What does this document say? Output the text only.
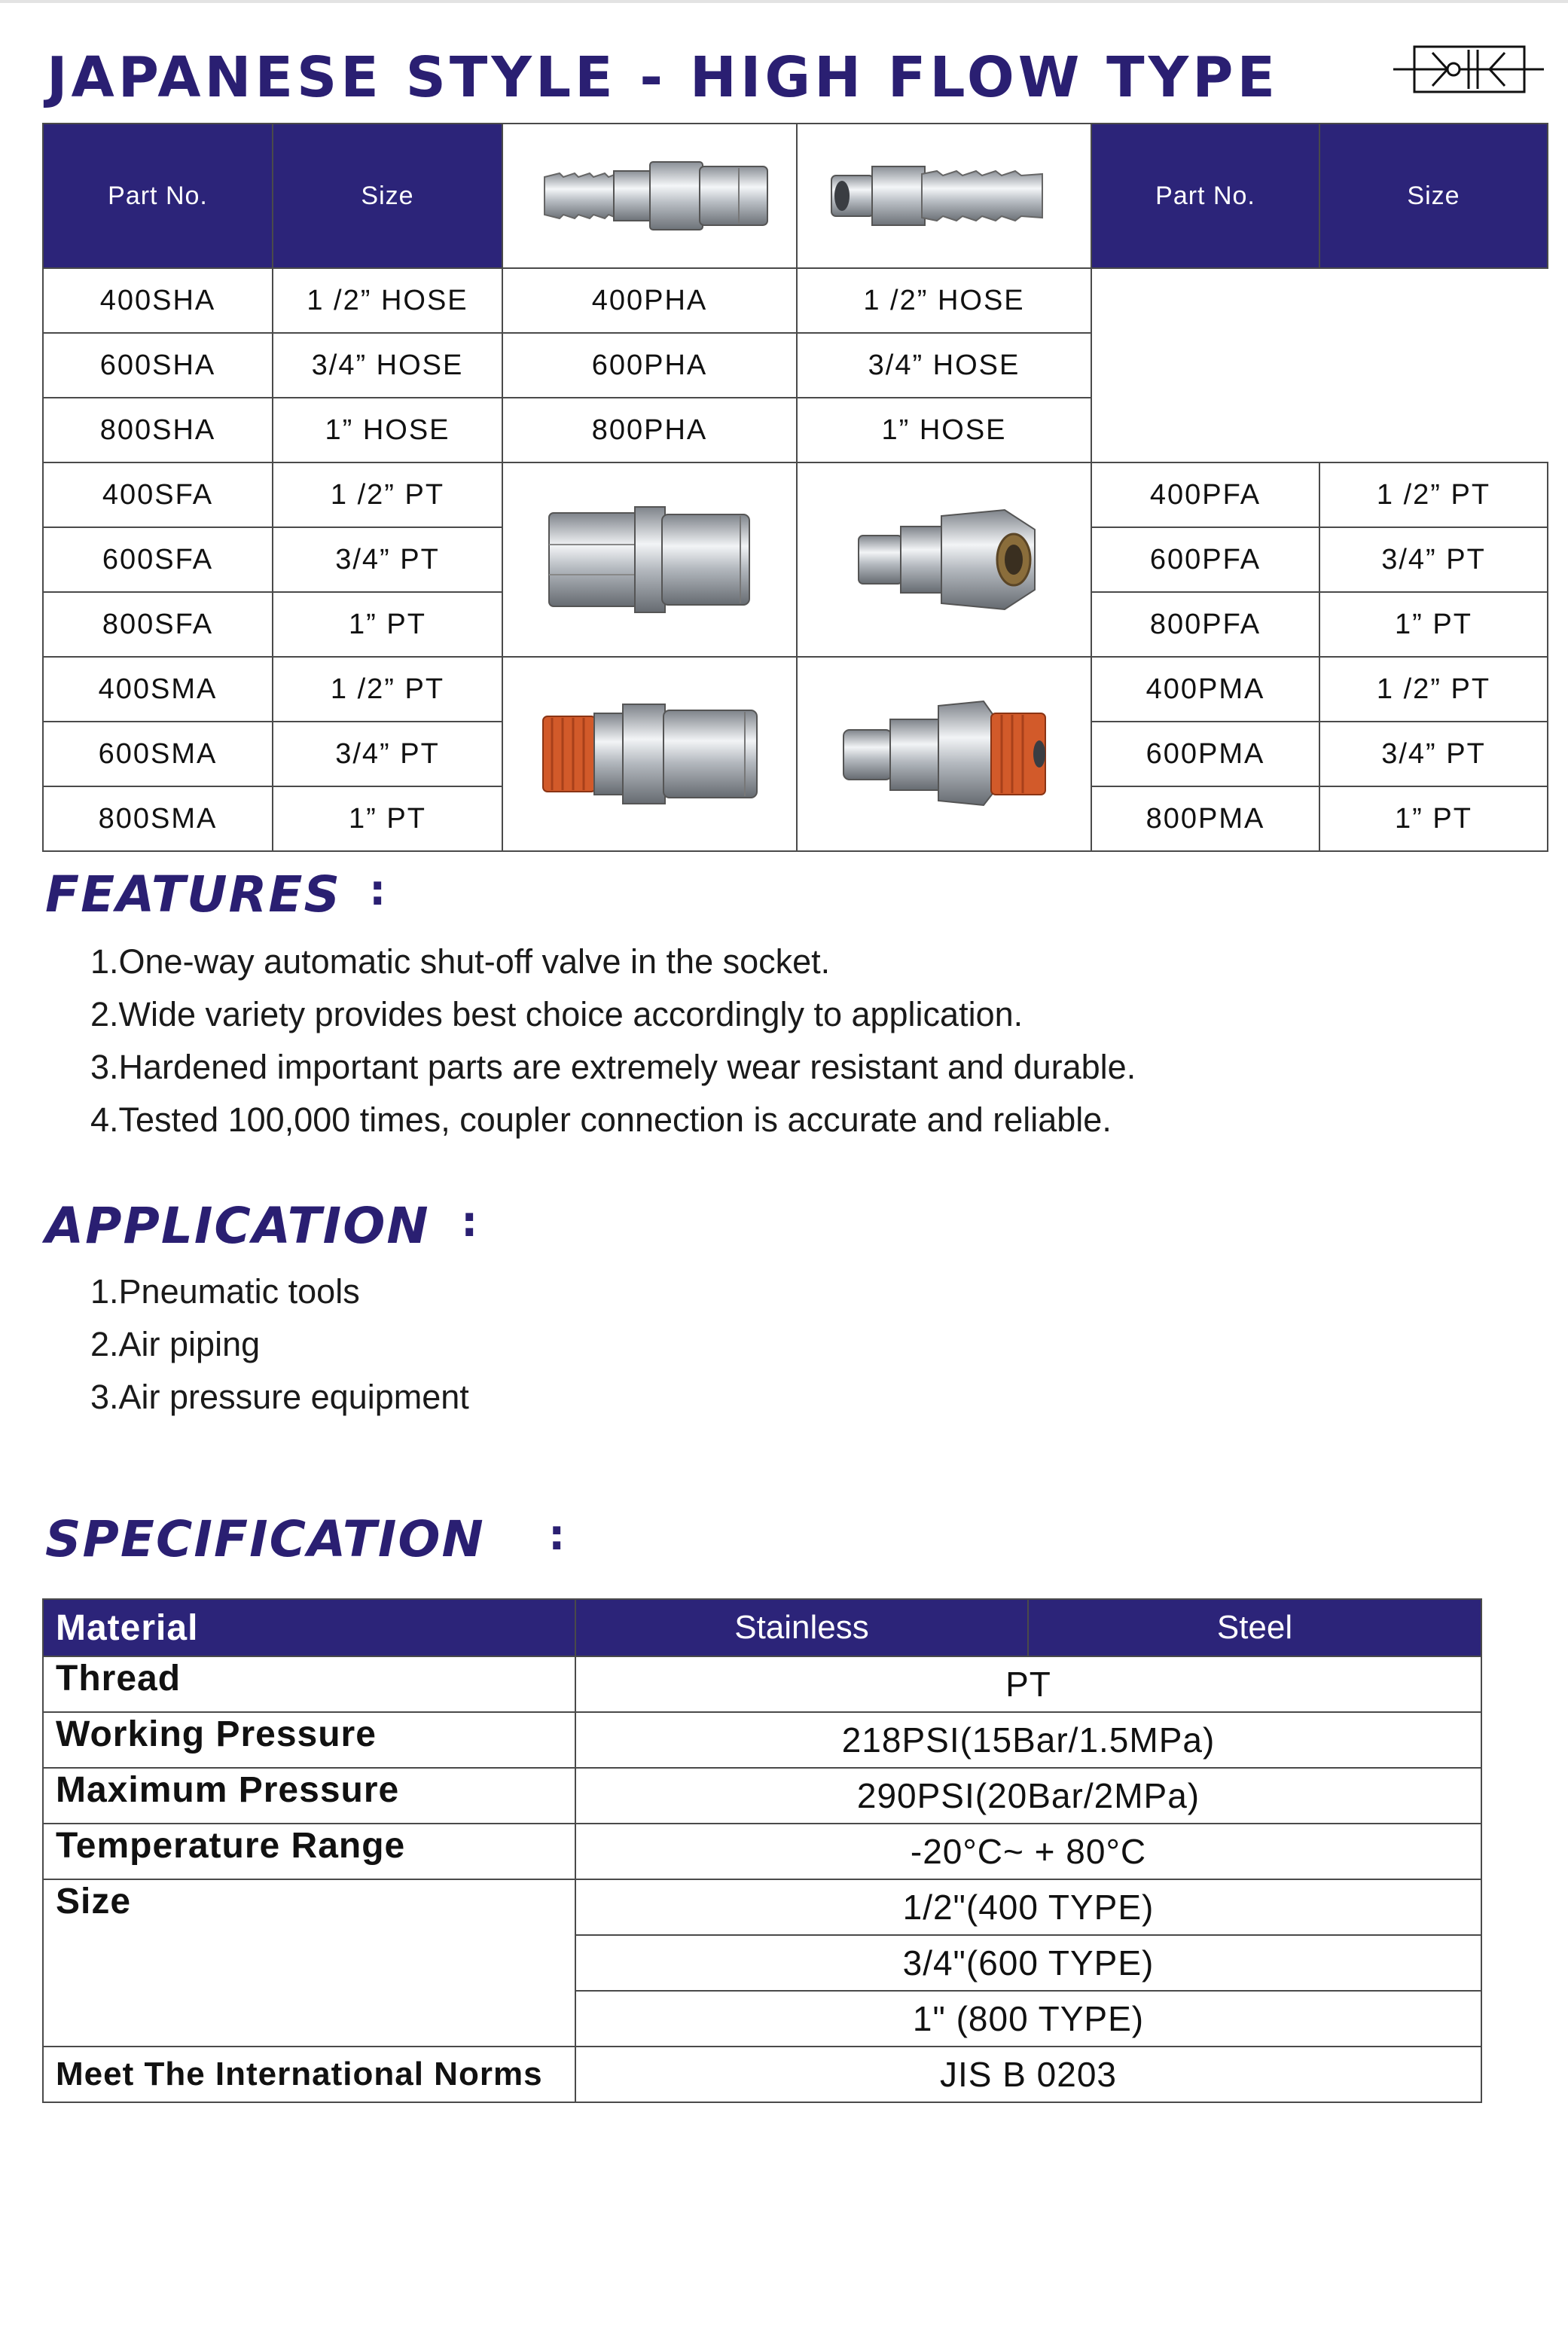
JAPANESE STYLE - HIGH FLOW TYPE
Part No.	Size			Part No.	Size
400SHA	1 /2” HOSE	400PHA	1 /2” HOSE		
600SHA	3/4” HOSE	600PHA	3/4” HOSE		
800SHA	1” HOSE	800PHA	1” HOSE		
400SFA	1 /2” PT			400PFA	1 /2” PT
600SFA	3/4” PT			600PFA	3/4” PT
800SFA	1” PT			800PFA	1” PT
400SMA	1 /2” PT			400PMA	1 /2” PT
600SMA	3/4” PT			600PMA	3/4” PT
800SMA	1” PT			800PMA	1” PT
FEATURES :
1.One-way automatic shut-off valve in the socket.
2.Wide variety provides best choice accordingly to application.
3.Hardened important parts are extremely wear resistant and durable.
4.Tested 100,000 times, coupler connection is accurate and reliable.
APPLICATION :
1.Pneumatic tools
2.Air piping
3.Air pressure equipment
SPECIFICATION :
Material	Stainless	Steel
Thread	PT	
Working Pressure	218PSI(15Bar/1.5MPa)	
Maximum Pressure	290PSI(20Bar/2MPa)	
Temperature Range	-20°C~ + 80°C	
Size	1/2"(400 TYPE)	
	3/4"(600 TYPE)	
	1" (800 TYPE)	
Meet The International Norms	JIS B 0203	
